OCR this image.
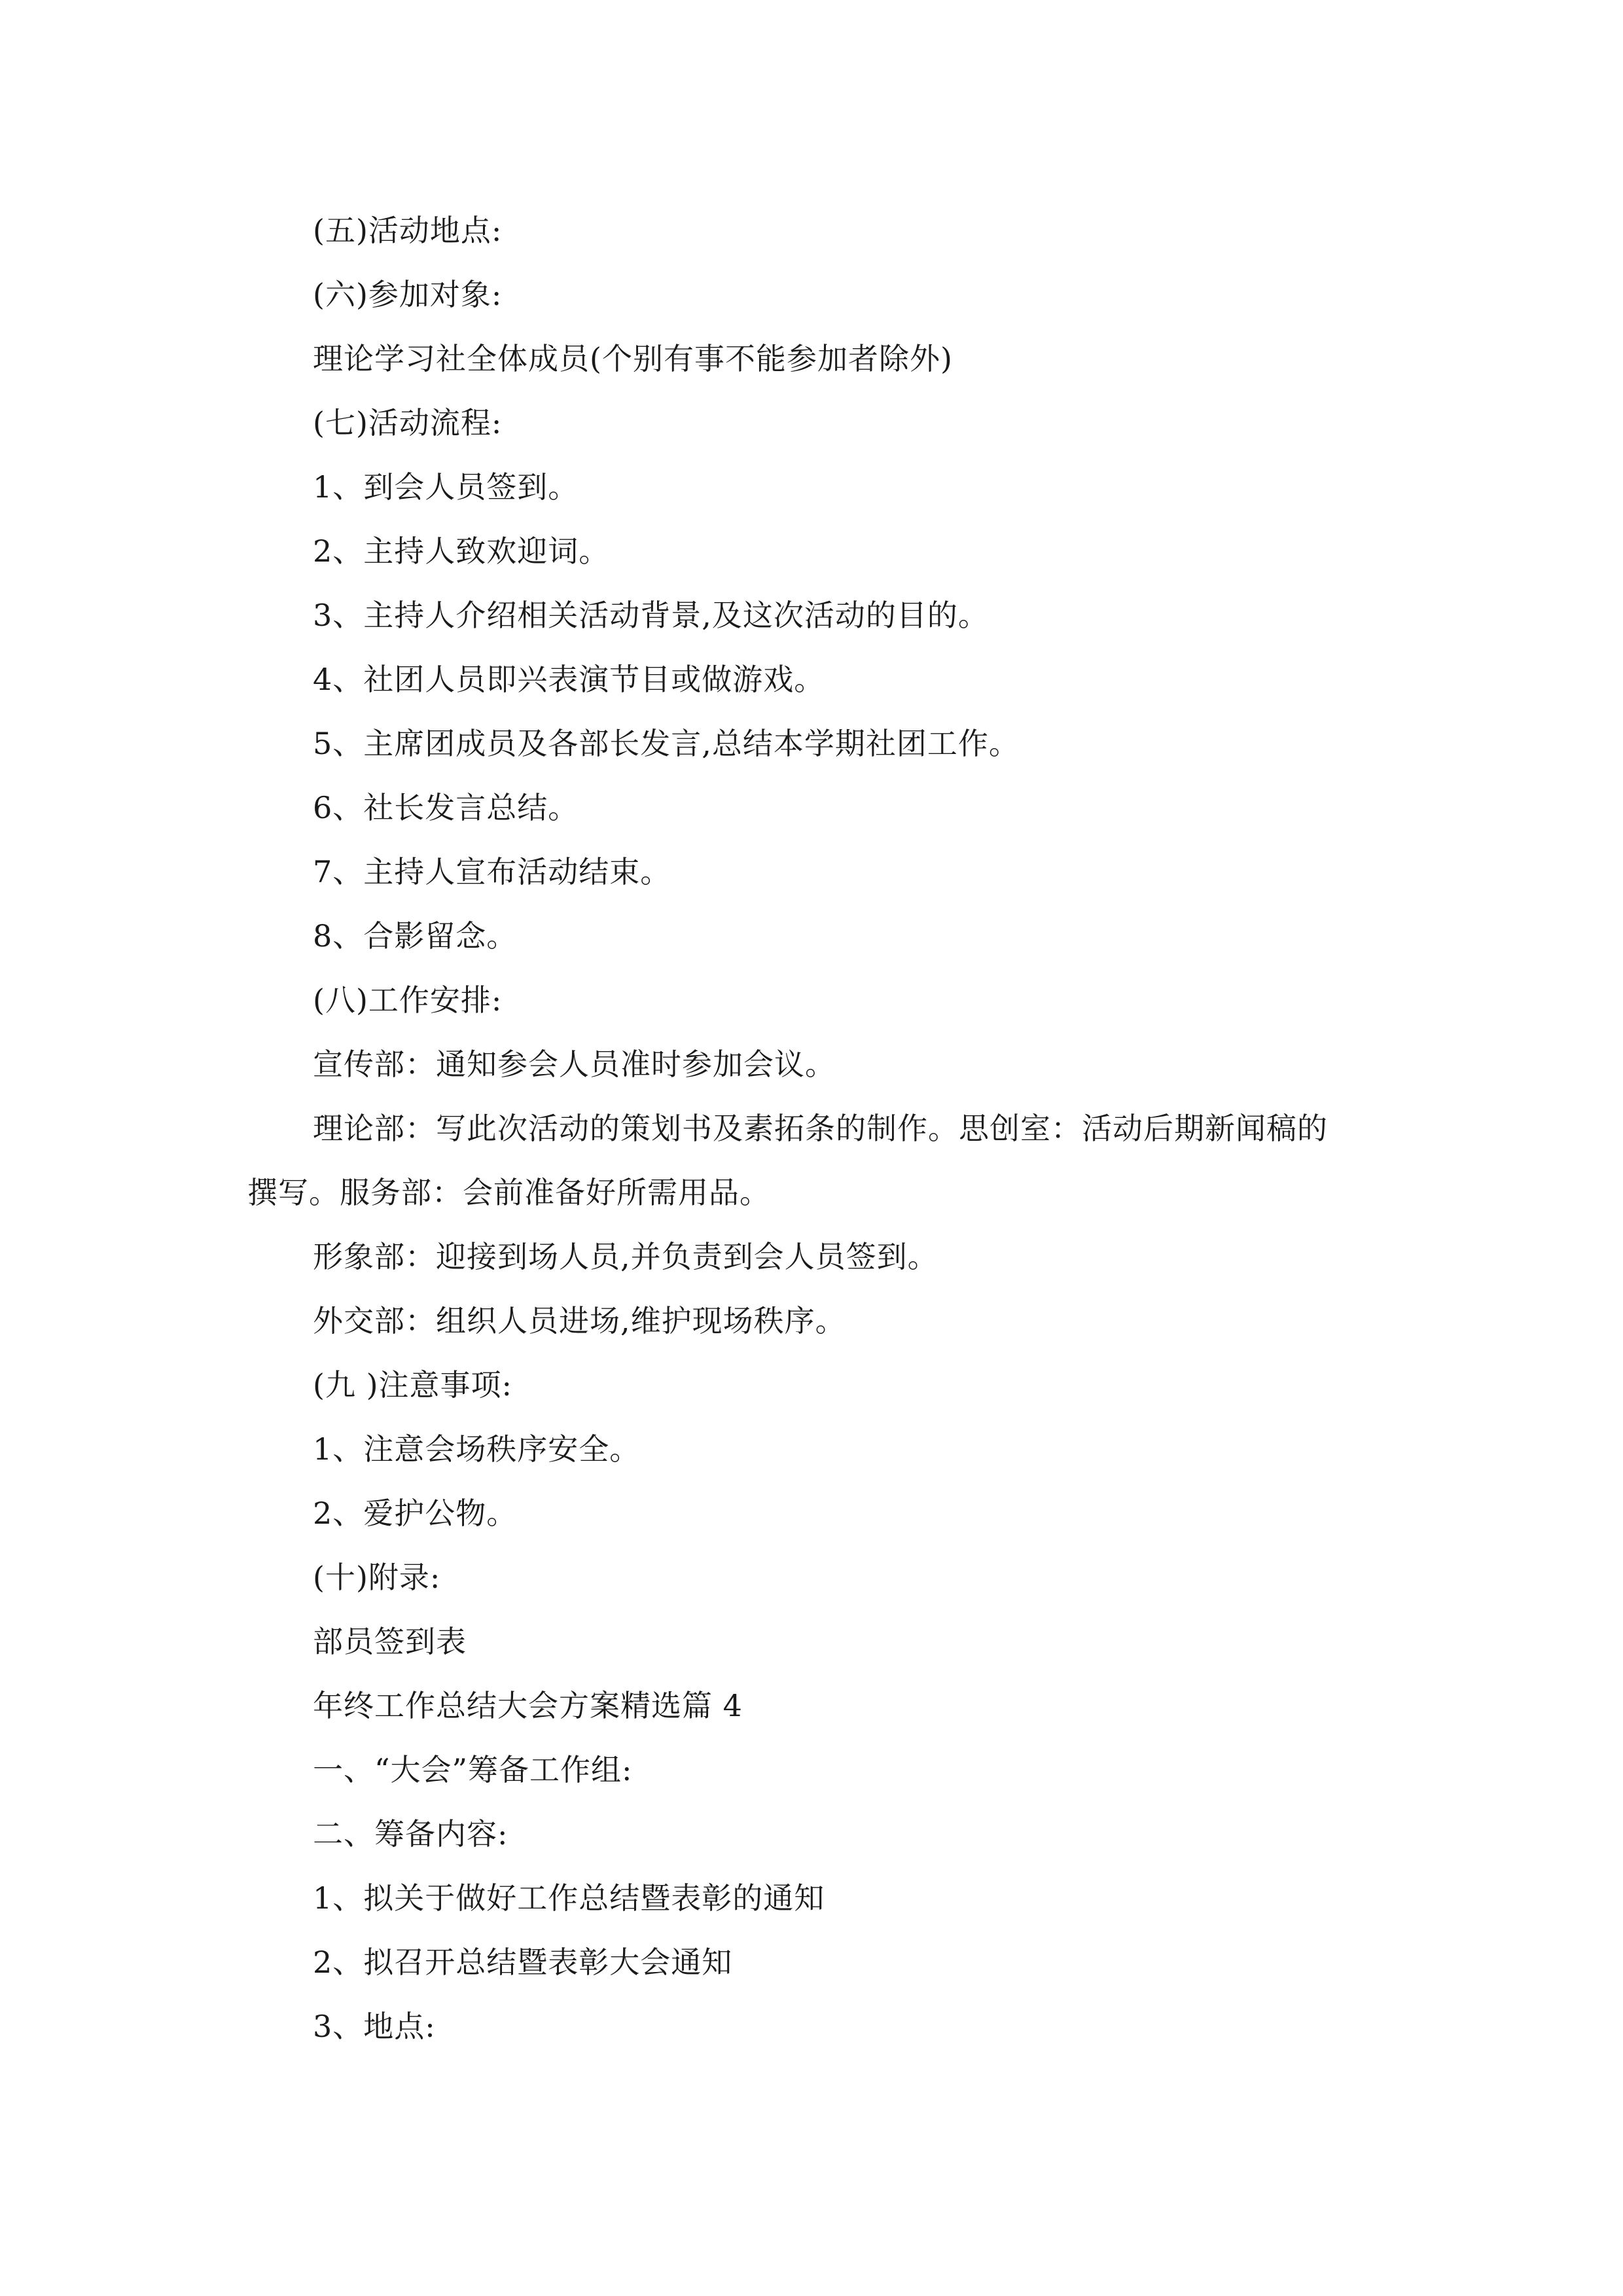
(五)活动地点:
(六)参加对象:
理论学习社全体成员(个别有事不能参加者除外)
(七)活动流程:
1、到会人员签到。
2、主持人致欢迎词。
3、主持人介绍相关活动背景,及这次活动的目的。
4、社团人员即兴表演节目或做游戏。
5、主席团成员及各部长发言,总结本学期社团工作。
6、社长发言总结。
7、主持人宣布活动结束。
8、合影留念。
(八)工作安排:
宣传部：通知参会人员准时参加会议。
理论部：写此次活动的策划书及素拓条的制作。思创室：活动后期新闻稿的
撰写。服务部：会前准备好所需用品。
形象部：迎接到场人员,并负责到会人员签到。
外交部：组织人员进场,维护现场秩序。
(九 )注意事项:
1、注意会场秩序安全。
2、爱护公物。
(十)附录:
部员签到表
年终工作总结大会方案精选篇 4
一、“大会”筹备工作组:
二、筹备内容:
1、拟关于做好工作总结暨表彰的通知
2、拟召开总结暨表彰大会通知
3、地点:
